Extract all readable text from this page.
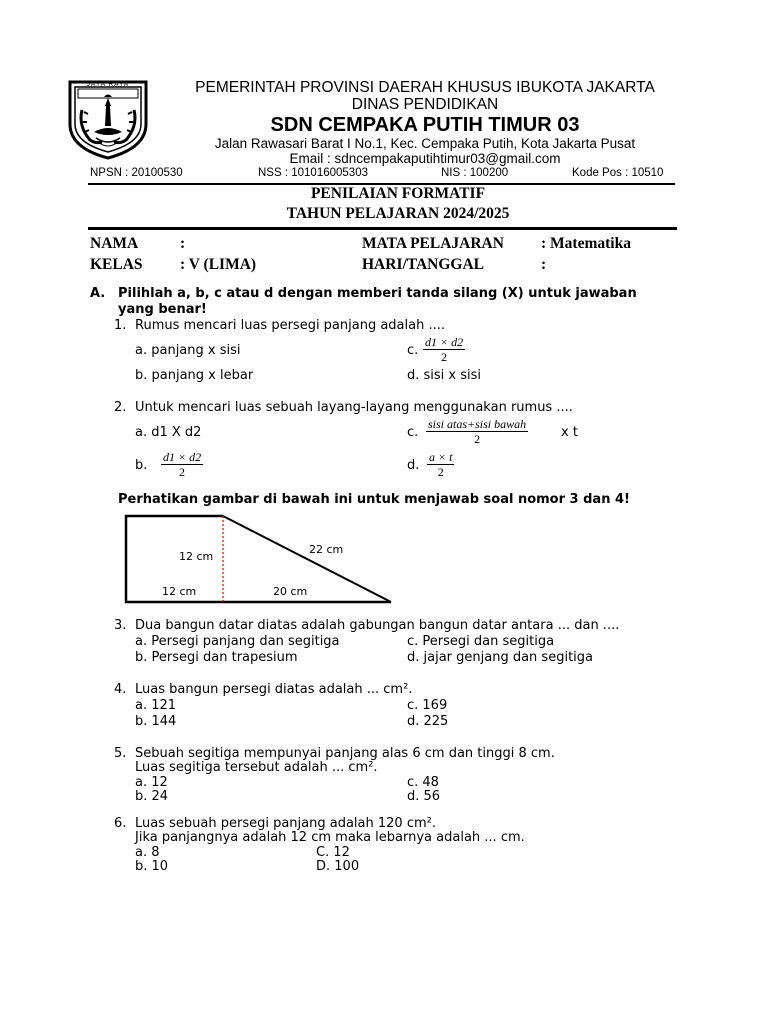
JAYA RAYA	PEMERINTAH PROVINSI DAERAH KHUSUS IBUKOTA JAKARTA
DINAS PENDIDIKAN
SDN CEMPAKA PUTIH TIMUR 03
Jalan Rawasari Barat I No.1, Kec. Cempaka Putih, Kota Jakarta Pusat
Email : sdncempakaputihtimur03@gmail.com
NPSN : 20100530	NSS : 101016005303	NIS : 100200	Kode Pos : 10510
PENILAIAN FORMATIF
TAHUN PELAJARAN 2024/2025
NAMA	:	MATA PELAJARAN : Matematika
KELAS : V (LIMA)	HARI/TANGGAL	:
A. Pilihlah a, b, c atau d dengan memberi tanda silang (X) untuk jawaban
yang benar!
1. Rumus mencari luas persegi panjang adalah ....
a. panjang x sisi	c. $\frac{d1 \times d2}{2}$
b. panjang x lebar	d. sisi x sisi
2. Untuk mencari luas sebuah layang-layang menggunakan rumus ....
a. d1 X d2	c.
sisi atas+sisi bawah
2	x t
b. $\frac{d1 \times d2}{2}$	d. $\frac{a \times t}{2}$
Perhatikan gambar di bawah ini untuk menjawab soal nomor 3 dan 4!
12 cm
22 cm
12 cm	20 cm
3. Dua bangun datar diatas adalah gabungan bangun datar antara ... dan ....
a. Persegi panjang dan segitiga	c. Persegi dan segitiga
b. Persegi dan trapesium	d. jajar genjang dan segitiga
4. Luas bangun persegi diatas adalah ... cm².
a. 121	c. 169
b. 144	d. 225
5. Sebuah segitiga mempunyai panjang alas 6 cm dan tinggi 8 cm.
Luas segitiga tersebut adalah ... cm².
a. 12	c. 48
b. 24	d. 56
6. Luas sebuah persegi panjang adalah 120 cm².
Jika panjangnya adalah 12 cm maka lebarnya adalah ... cm.
a. 8	C. 12
b. 10	D. 100
